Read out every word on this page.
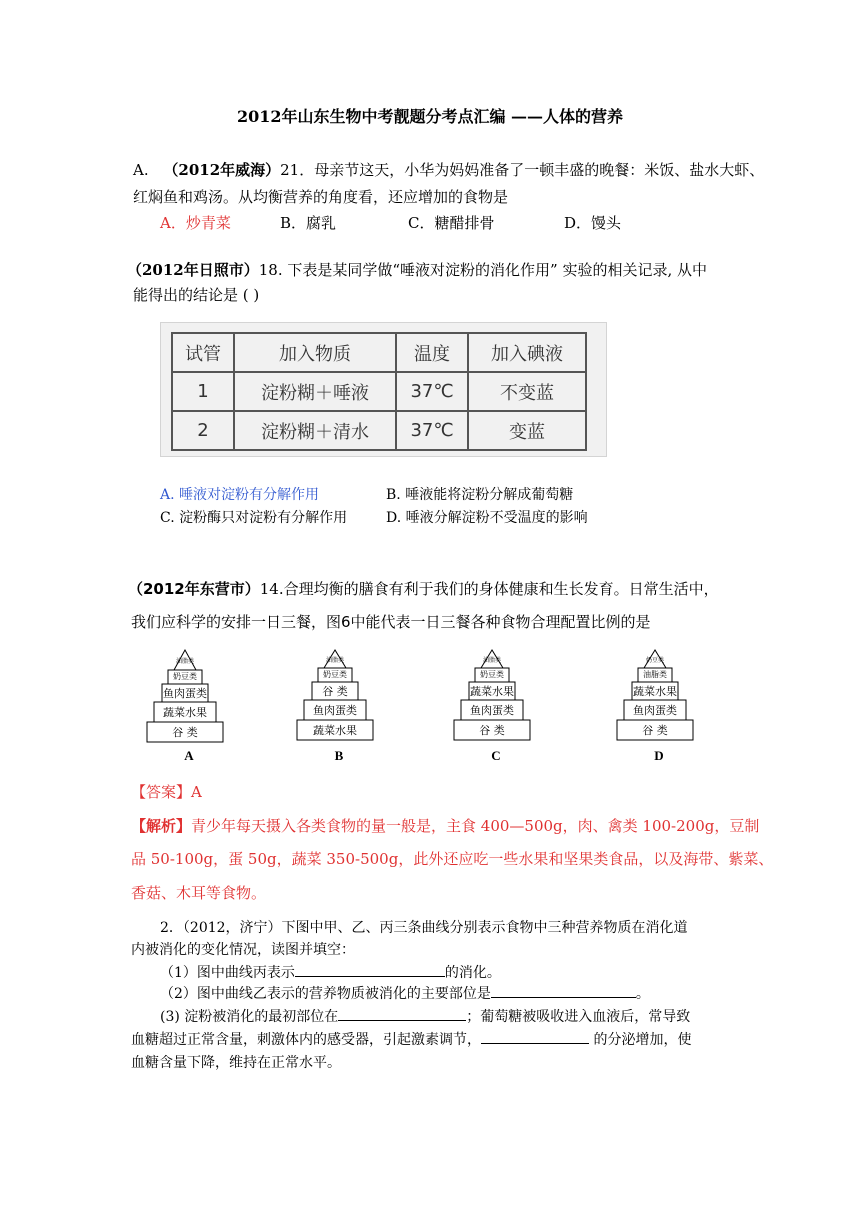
2012年山东生物中考靓题分考点汇编 ——人体的营养
A. （2012年威海）21．母亲节这天，小华为妈妈准备了一顿丰盛的晚餐：米饭、盐水大虾、
红焖鱼和鸡汤。从均衡营养的角度看，还应增加的食物是
A．炒青菜	B．腐乳	C．糖醋排骨	D．馒头
（2012年日照市）18. 下表是某同学做“唾液对淀粉的消化作用” 实验的相关记录, 从中
能得出的结论是 ( )
试管	加入物质	温度	加入碘液
1	淀粉糊＋唾液	37℃	不变蓝
2	淀粉糊＋清水	37℃	变蓝
A. 唾液对淀粉有分解作用	B. 唾液能将淀粉分解成葡萄糖
C. 淀粉酶只对淀粉有分解作用	D. 唾液分解淀粉不受温度的影响
（2012年东营市）14.合理均衡的膳食有利于我们的身体健康和生长发育。日常生活中，
我们应科学的安排一日三餐，图6中能代表一日三餐各种食物合理配置比例的是
谷 类
蔬菜水果
鱼肉蛋类
奶豆类
油脂类
A
蔬菜水果
鱼肉蛋类
谷 类
奶豆类
油脂类
B
谷 类
鱼肉蛋类
蔬菜水果
奶豆类
油脂类
C
谷 类
鱼肉蛋类
蔬菜水果
油脂类
奶豆类
D
【答案】A
【解析】青少年每天摄入各类食物的量一般是，主食 400—500g，肉、禽类 100-200g，豆制
品 50-100g，蛋 50g，蔬菜 350-500g，此外还应吃一些水果和坚果类食品，以及海带、紫菜、
香菇、木耳等食物。
2．（2012，济宁）下图中甲、乙、丙三条曲线分别表示食物中三种营养物质在消化道
内被消化的变化情况，读图并填空：
（1）图中曲线丙表示	的消化。
（2）图中曲线乙表示的营养物质被消化的主要部位是	。
(3) 淀粉被消化的最初部位在	；葡萄糖被吸收进入血液后，常导致
血糖超过正常含量，刺激体内的感受器，引起激素调节，	的分泌增加，使
血糖含量下降，维持在正常水平。
